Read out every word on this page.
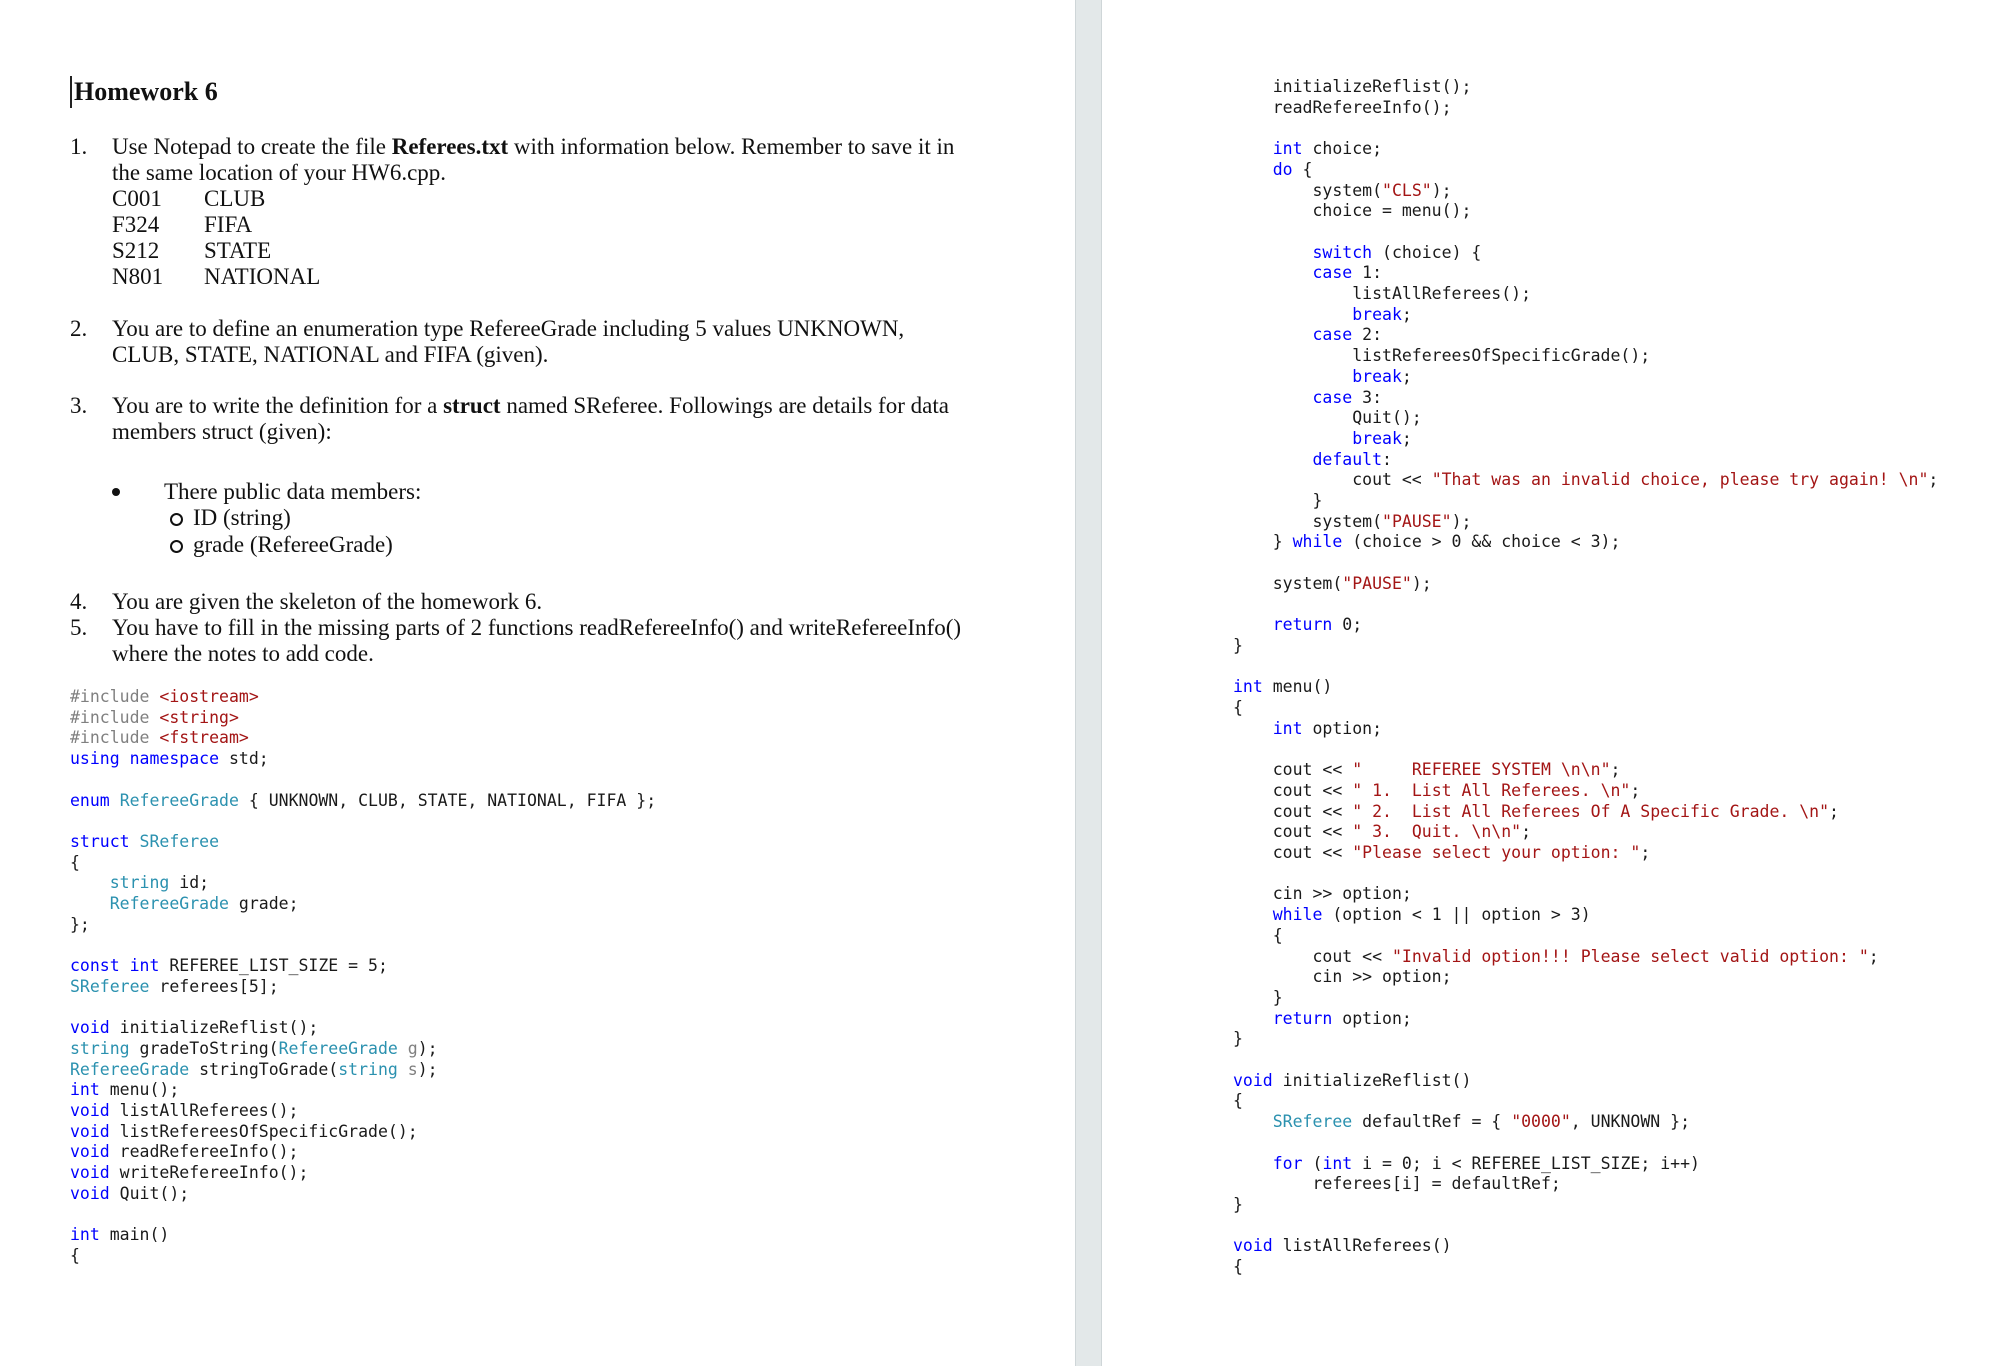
Homework 6
1.	Use Notepad to create the file Referees.txt with information below. Remember to save it in
the same location of your HW6.cpp.
C001 CLUB
F324 FIFA
S212 STATE
N801 NATIONAL
2.	You are to define an enumeration type RefereeGrade including 5 values UNKNOWN,
CLUB, STATE, NATIONAL and FIFA (given).
3.	You are to write the definition for a struct named SReferee. Followings are details for data
members struct (given):
There public data members:
ID (string)
grade (RefereeGrade)
4.	You are given the skeleton of the homework 6.
5.	You have to fill in the missing parts of 2 functions readRefereeInfo() and writeRefereeInfo()
where the notes to add code.
#include <iostream>
#include <string>
#include <fstream>
using namespace std;

enum RefereeGrade { UNKNOWN, CLUB, STATE, NATIONAL, FIFA };

struct SReferee
{
string id;
RefereeGrade grade;
};

const int REFEREE_LIST_SIZE = 5;
SReferee referees[5];

void initializeReflist();
string gradeToString(RefereeGrade g);
RefereeGrade stringToGrade(string s);
int menu();
void listAllReferees();
void listRefereesOfSpecificGrade();
void readRefereeInfo();
void writeRefereeInfo();
void Quit();

int main()
{
initializeReflist();
readRefereeInfo();

int choice;
do {
system("CLS");
choice = menu();

switch (choice) {
case 1:
listAllReferees();
break;
case 2:
listRefereesOfSpecificGrade();
break;
case 3:
Quit();
break;
default:
cout << "That was an invalid choice, please try again! \n";
}
system("PAUSE");
} while (choice > 0 && choice < 3);

system("PAUSE");

return 0;
}

int menu()
{
int option;

cout << "     REFEREE SYSTEM \n\n";
cout << " 1.  List All Referees. \n";
cout << " 2.  List All Referees Of A Specific Grade. \n";
cout << " 3.  Quit. \n\n";
cout << "Please select your option: ";

cin >> option;
while (option < 1 || option > 3)
{
cout << "Invalid option!!! Please select valid option: ";
cin >> option;
}
return option;
}

void initializeReflist()
{
SReferee defaultRef = { "0000", UNKNOWN };

for (int i = 0; i < REFEREE_LIST_SIZE; i++)
referees[i] = defaultRef;
}

void listAllReferees()
{
